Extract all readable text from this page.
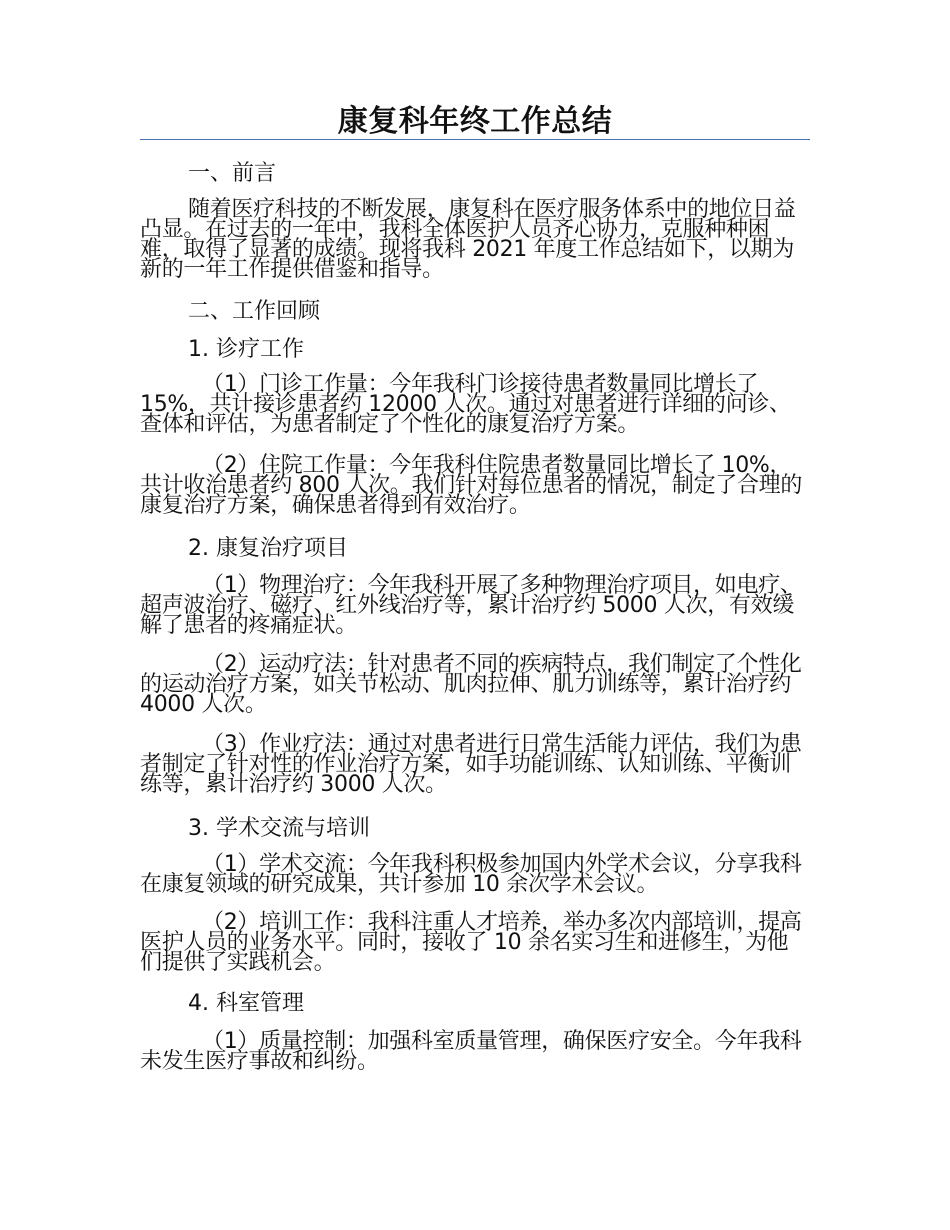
康复科年终工作总结
一、前言
随着医疗科技的不断发展，康复科在医疗服务体系中的地位日益凸显。在过去的一年中，我科全体医护人员齐心协力，克服种种困难，取得了显著的成绩。现将我科 2021 年度工作总结如下，以期为新的一年工作提供借鉴和指导。
二、工作回顾
1. 诊疗工作
（1）门诊工作量：今年我科门诊接待患者数量同比增长了 15%，共计接诊患者约 12000 人次。通过对患者进行详细的问诊、查体和评估，为患者制定了个性化的康复治疗方案。
（2）住院工作量：今年我科住院患者数量同比增长了 10%，共计收治患者约 800 人次。我们针对每位患者的情况，制定了合理的康复治疗方案，确保患者得到有效治疗。
2. 康复治疗项目
（1）物理治疗：今年我科开展了多种物理治疗项目，如电疗、超声波治疗、磁疗、红外线治疗等，累计治疗约 5000 人次，有效缓解了患者的疼痛症状。
（2）运动疗法：针对患者不同的疾病特点，我们制定了个性化的运动治疗方案，如关节松动、肌肉拉伸、肌力训练等，累计治疗约 4000 人次。
（3）作业疗法：通过对患者进行日常生活能力评估，我们为患者制定了针对性的作业治疗方案，如手功能训练、认知训练、平衡训练等，累计治疗约 3000 人次。
3. 学术交流与培训
（1）学术交流：今年我科积极参加国内外学术会议，分享我科在康复领域的研究成果，共计参加 10 余次学术会议。
（2）培训工作：我科注重人才培养，举办多次内部培训，提高医护人员的业务水平。同时，接收了 10 余名实习生和进修生，为他们提供了实践机会。
4. 科室管理
（1）质量控制：加强科室质量管理，确保医疗安全。今年我科未发生医疗事故和纠纷。
